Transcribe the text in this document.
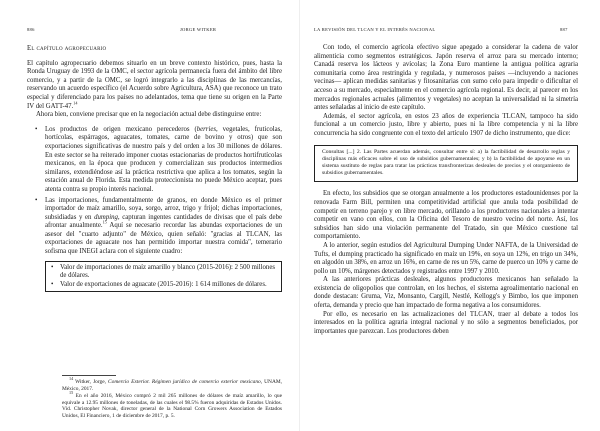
886	JORGE WITKER

El capítulo agropecuario

El capítulo agropecuario debemos situarlo en un breve contexto histórico, pues, hasta la Ronda Uruguay de 1993 de la OMC, el sector agrícola permanecía fuera del ámbito del libre comercio, y a partir de la OMC, se logró integrarlo a las disciplinas de las mercancías, reservando un acuerdo específico (el Acuerdo sobre Agricultura, ASA) que reconoce un trato especial y diferenciado para los países no adelantados, tema que tiene su origen en la Parte IV del GATT-47.14

Ahora bien, conviene precisar que en la negociación actual debe distinguirse entre:

• Los productos de origen mexicano perecederos (berries, vegetales, fruticolas, hortícolas, espárragos, aguacates, tomates, carne de bovino y otros) que son exportaciones significativas de nuestro país y del orden a los 30 millones de dólares. En este sector se ha reiterado imponer cuotas estacionarias de productos hortifrutícolas mexicanos, en la época que producen y comercializan sus productos intermedios similares, extendiéndose así la práctica restrictiva que aplica a los tomates, según la estación anual de Florida. Esta medida proteccionista no puede México aceptar, pues atenta contra su propio interés nacional.
• Las importaciones, fundamentalmente de granos, en donde México es el primer importador de maíz amarillo, soya, sorgo, arroz, trigo y frijol; dichas importaciones, subsidiadas y en dumping, capturan ingentes cantidades de divisas que el país debe afrontar anualmente.$^{15}$ Aquí se necesario recordar las abundas exportaciones de un asesor del "cuarto adjunto" de México, quien señaló: "gracias al TLCAN, las exportaciones de aguacate nos han permitido importar nuestra comida", temerario sofisma que INEGI aclara con el siguiente cuadro:
• Valor de importaciones de maíz amarillo y blanco (2015-2016): 2 500 millones de dólares.
• Valor de exportaciones de aguacate (2015-2016): 1 614 millones de dólares.

$^{14}$ Witker, Jorge, Comercio Exterior. Régimen jurídico de comercio exterior mexicano, UNAM, México, 2017.

$^{15}$ En el año 2016, México compró 2 mil 265 millones de dólares de maíz amarillo, lo que equivale a 12.95 millones de toneladas, de las cuales el 98.5% fueron adquiridas de Estados Unidos. Vid. Christopher Novak, director general de la National Corn Growers Association de Estados Unidos, El Financiero, 1 de diciembre de 2017, p. 5.

LA REVISIÓN DEL TLCAN Y EL INTERÉS NACIONAL	887

Con todo, el comercio agrícola efectivo sigue apegado a considerar la cadena de valor alimenticia como segmentos estratégicos. Japón reserva el arroz para su mercado interno; Canadá reserva los lácteos y avícolas; la Zona Euro mantiene la antigua política agraria comunitaria como área restringida y regulada, y numerosos países —incluyendo a naciones vecinas— aplican medidas sanitarias y fitosanitarias con sumo celo para impedir o dificultar el acceso a su mercado, especialmente en el comercio agrícola regional. Es decir, al parecer en los mercados regionales actuales (alimentos y vegetales) no aceptan la universalidad ni la simetría antes señaladas al inicio de este capítulo.

Además, el sector agrícola, en estos 23 años de experiencia TLCAN, tampoco ha sido funcional a un comercio justo, libre y abierto, pues ni la libre competencia y ni la libre concurrencia ha sido congruente con el texto del artículo 1907 de dicho instrumento, que dice:

Consultas [...] 2. Las Partes acuerdan además, consultar entre sí: a) la factibilidad de desarrollo reglas y disciplinas más eficaces sobre el uso de subsidios gubernamentales; y b) la factibilidad de apoyarse en un sistema sustituto de reglas para tratar las prácticas transfronterizas desleales de precios y el otorgamiento de subsidios gubernamentales.

En efecto, los subsidios que se otorgan anualmente a los productores estadounidenses por la renovada Farm Bill, permiten una competitividad artificial que anula toda posibilidad de competir en terreno parejo y en libre mercado, orillando a los productores nacionales a intentar competir en vano con ellos, con la Oficina del Tesoro de nuestro vecino del norte. Así, los subsidios han sido una violación permanente del Tratado, sin que México cuestione tal comportamiento.

A lo anterior, según estudios del Agricultural Dumping Under NAFTA, de la Universidad de Tufts, el dumping practicado ha significado en maíz un 19%, en soya un 12%, en trigo un 34%, en algodón un 38%, en arroz un 16%, en carne de res un 5%, carne de puerco un 10% y carne de pollo un 10%, márgenes detectados y registrados entre 1997 y 2010.

A las anteriores prácticas desleales, algunos productores mexicanos han señalado la existencia de oligopolios que controlan, en los hechos, el sistema agroalimentario nacional en donde destacan: Gruma, Viz, Monsanto, Cargill, Nestlé, Kellogg's y Bimbo, los que imponen oferta, demanda y precio que han impactado de forma negativa a los consumidores.

Por ello, es necesario en las actualizaciones del TLCAN, traer al debate a todos los interesados en la política agraria integral nacional y no sólo a segmentos beneficiados, por importantes que parezcan. Los productores deben
